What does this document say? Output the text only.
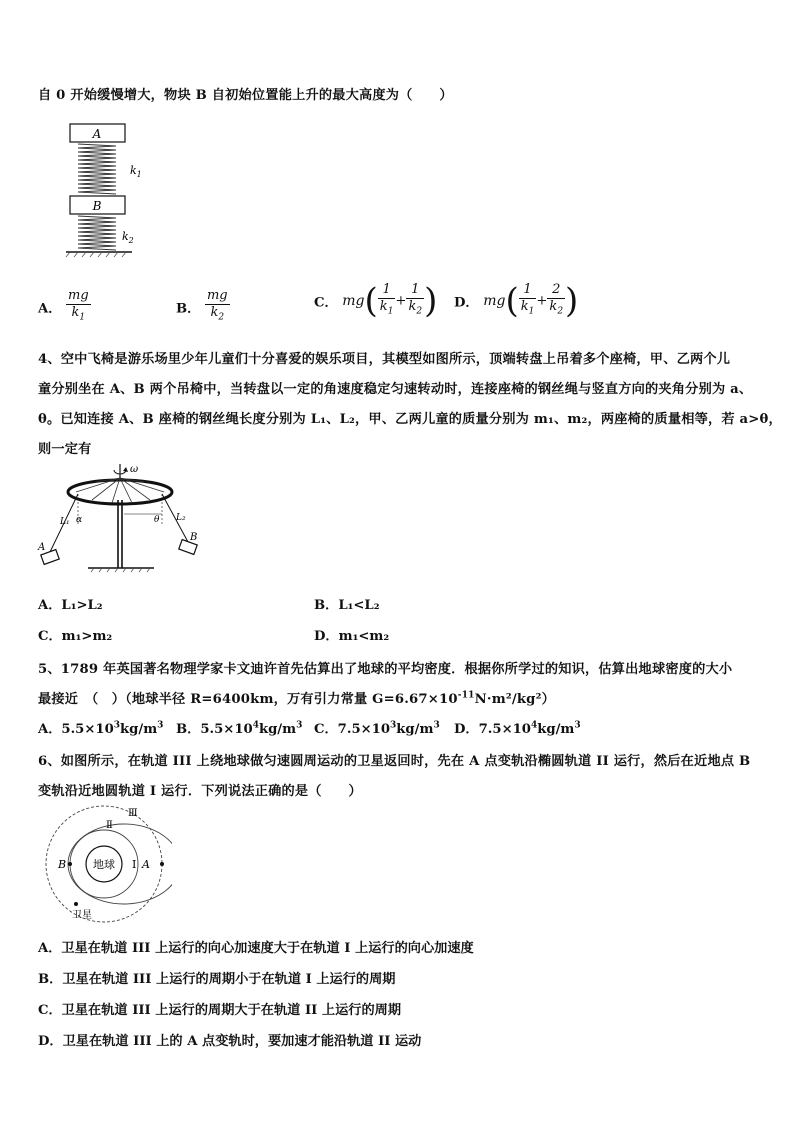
自 0 开始缓慢增大，物块 B 自初始位置能上升的最大高度为（　　）
A
$k_1$
B
$k_2$
A． $\frac{mg}{k_1}$	B． $\frac{mg}{k_2}$	C． $mg( \frac{1}{k_1} + \frac{1}{k_2}$ ) D． $mg( \frac{1}{k_1} + \frac{2}{k_2}$ )
4、空中飞椅是游乐场里少年儿童们十分喜爱的娱乐项目，其模型如图所示，顶端转盘上吊着多个座椅，甲、乙两个儿
童分别坐在 A、B 两个吊椅中，当转盘以一定的角速度稳定匀速转动时，连接座椅的钢丝绳与竖直方向的夹角分别为 a、
θ。已知连接 A、B 座椅的钢丝绳长度分别为 L₁、L₂，甲、乙两儿童的质量分别为 m₁、m₂，两座椅的质量相等，若 a>θ，
则一定有
ω
L₁ α
A
L₂
θ
B
A．L₁>L₂	B．L₁<L₂
C．m₁>m₂	D．m₁<m₂
5、1789 年英国著名物理学家卡文迪许首先估算出了地球的平均密度．根据你所学过的知识，估算出地球密度的大小
最接近　（　）（地球半径 R=6400km，万有引力常量 $G=6.67\times 10^{-11}N\cdot m^2/kg^2$）
A．$5.5\times 10^3kg/m^3$ B．$5.5\times 10^4kg/m^3$ C．$7.5\times 10^3kg/m^3$ D．$7.5\times 10^4kg/m^3$
6、如图所示，在轨道 III 上绕地球做匀速圆周运动的卫星返回时，先在 A 点变轨沿椭圆轨道 II 运行，然后在近地点 B
变轨沿近地圆轨道 I 运行．下列说法正确的是（　　）
地球
B	A
I
Ⅱ
Ⅲ
卫星
A．卫星在轨道 III 上运行的向心加速度大于在轨道 I 上运行的向心加速度
B．卫星在轨道 III 上运行的周期小于在轨道 I 上运行的周期
C．卫星在轨道 III 上运行的周期大于在轨道 II 上运行的周期
D．卫星在轨道 III 上的 A 点变轨时，要加速才能沿轨道 II 运动
